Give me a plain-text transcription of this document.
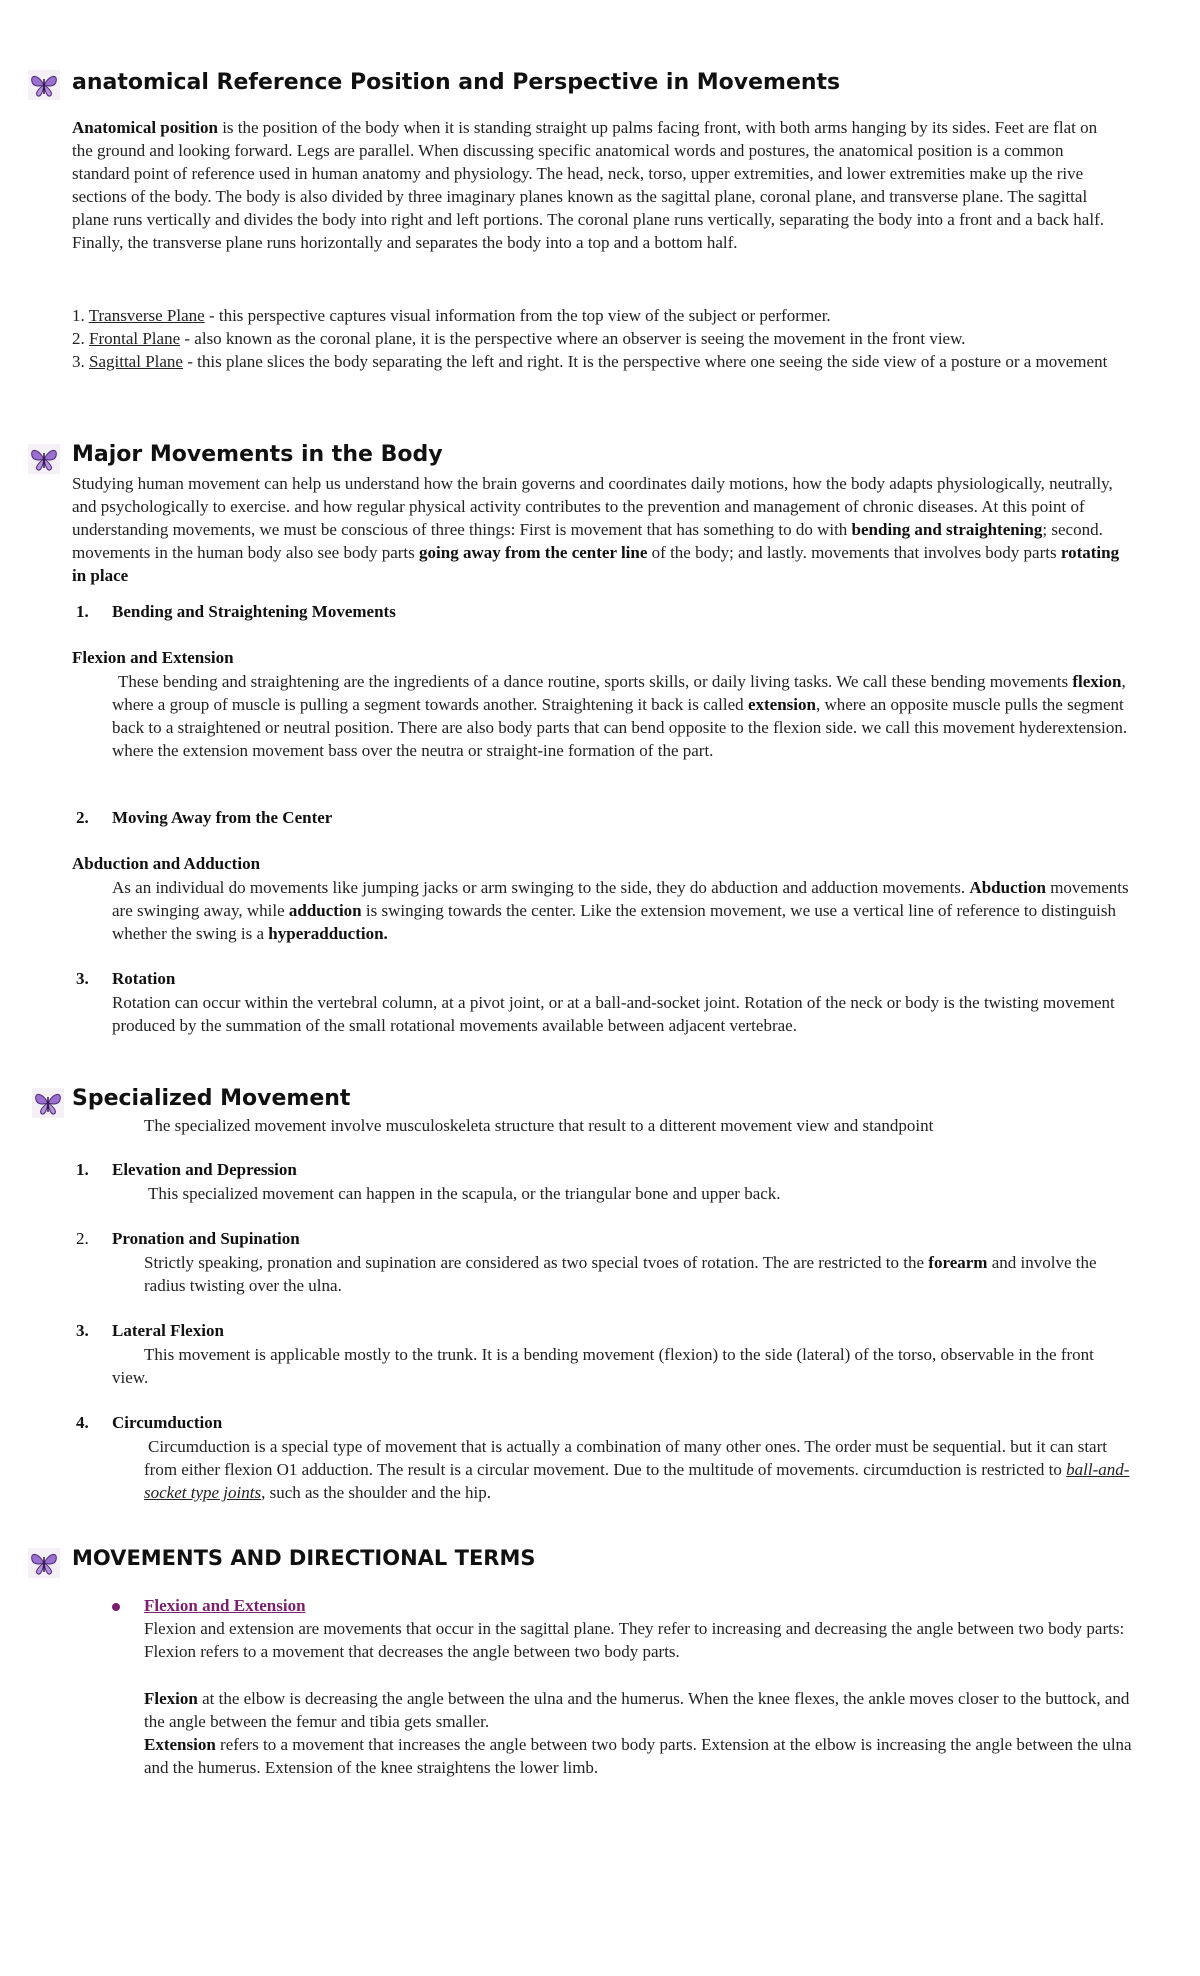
anatomical Reference Position and Perspective in Movements
Anatomical position is the position of the body when it is standing straight up palms facing front, with both arms hanging by its sides. Feet are flat on the ground and looking forward. Legs are parallel. When discussing specific anatomical words and postures, the anatomical position is a common standard point of reference used in human anatomy and physiology. The head, neck, torso, upper extremities, and lower extremities make up the rive sections of the body. The body is also divided by three imaginary planes known as the sagittal plane, coronal plane, and transverse plane. The sagittal plane runs vertically and divides the body into right and left portions. The coronal plane runs vertically, separating the body into a front and a back half. Finally, the transverse plane runs horizontally and separates the body into a top and a bottom half.
1. Transverse Plane - this perspective captures visual information from the top view of the subject or performer.
2. Frontal Plane - also known as the coronal plane, it is the perspective where an observer is seeing the movement in the front view.
3. Sagittal Plane - this plane slices the body separating the left and right. It is the perspective where one seeing the side view of a posture or a movement
Major Movements in the Body
Studying human movement can help us understand how the brain governs and coordinates daily motions, how the body adapts physiologically, neutrally, and psychologically to exercise. and how regular physical activity contributes to the prevention and management of chronic diseases. At this point of understanding movements, we must be conscious of three things: First is movement that has something to do with bending and straightening; second. movements in the human body also see body parts going away from the center line of the body; and lastly. movements that involves body parts rotating in place
1. Bending and Straightening Movements
Flexion and Extension
These bending and straightening are the ingredients of a dance routine, sports skills, or daily living tasks. We call these bending movements flexion, where a group of muscle is pulling a segment towards another. Straightening it back is called extension, where an opposite muscle pulls the segment back to a straightened or neutral position. There are also body parts that can bend opposite to the flexion side. we call this movement hyderextension. where the extension movement bass over the neutra or straight-ine formation of the part.
2. Moving Away from the Center
Abduction and Adduction
As an individual do movements like jumping jacks or arm swinging to the side, they do abduction and adduction movements. Abduction movements are swinging away, while adduction is swinging towards the center. Like the extension movement, we use a vertical line of reference to distinguish whether the swing is a hyperadduction.
3. Rotation
Rotation can occur within the vertebral column, at a pivot joint, or at a ball-and-socket joint. Rotation of the neck or body is the twisting movement produced by the summation of the small rotational movements available between adjacent vertebrae.
Specialized Movement
The specialized movement involve musculoskeleta structure that result to a ditterent movement view and standpoint
1. Elevation and Depression
This specialized movement can happen in the scapula, or the triangular bone and upper back.
2. Pronation and Supination
Strictly speaking, pronation and supination are considered as two special tvoes of rotation. The are restricted to the forearm and involve the radius twisting over the ulna.
3. Lateral Flexion
This movement is applicable mostly to the trunk. It is a bending movement (flexion) to the side (lateral) of the torso, observable in the front view.
4. Circumduction
Circumduction is a special type of movement that is actually a combination of many other ones. The order must be sequential. but it can start from either flexion O1 adduction. The result is a circular movement. Due to the multitude of movements. circumduction is restricted to ball-and-socket type joints, such as the shoulder and the hip.
MOVEMENTS AND DIRECTIONAL TERMS
Flexion and Extension
Flexion and extension are movements that occur in the sagittal plane. They refer to increasing and decreasing the angle between two body parts: Flexion refers to a movement that decreases the angle between two body parts.
Flexion at the elbow is decreasing the angle between the ulna and the humerus. When the knee flexes, the ankle moves closer to the buttock, and the angle between the femur and tibia gets smaller.
Extension refers to a movement that increases the angle between two body parts. Extension at the elbow is increasing the angle between the ulna and the humerus. Extension of the knee straightens the lower limb.
